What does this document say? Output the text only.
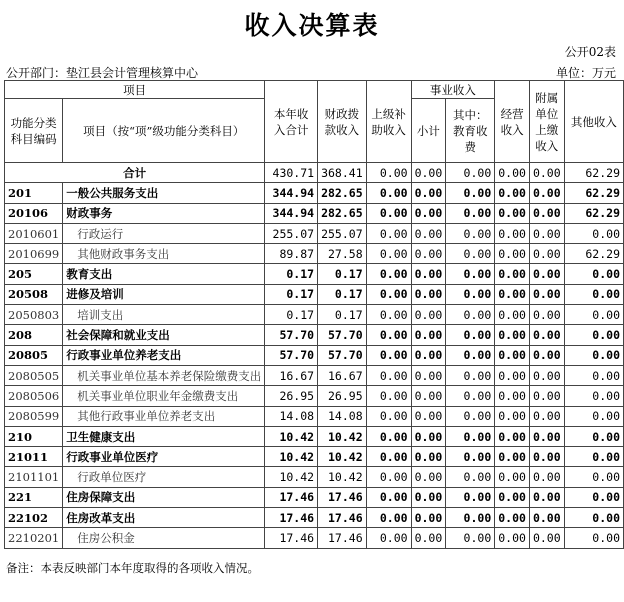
收入决算表
公开02表
公开部门：垫江县会计管理核算中心	单位：万元
项目		本年收入合计	财政拨款收入	上级补助收入	事业收入		经营收入	附属单位上缴收入	其他收入
功能分类科目编码	项目（按“项”级功能分类科目）				小计	其中：教育收费			
合计		430.71	368.41	0.00	0.00	0.00	0.00	0.00	62.29
201	一般公共服务支出	344.94	282.65	0.00	0.00	0.00	0.00	0.00	62.29
20106	财政事务	344.94	282.65	0.00	0.00	0.00	0.00	0.00	62.29
2010601	行政运行	255.07	255.07	0.00	0.00	0.00	0.00	0.00	0.00
2010699	其他财政事务支出	89.87	27.58	0.00	0.00	0.00	0.00	0.00	62.29
205	教育支出	0.17	0.17	0.00	0.00	0.00	0.00	0.00	0.00
20508	进修及培训	0.17	0.17	0.00	0.00	0.00	0.00	0.00	0.00
2050803	培训支出	0.17	0.17	0.00	0.00	0.00	0.00	0.00	0.00
208	社会保障和就业支出	57.70	57.70	0.00	0.00	0.00	0.00	0.00	0.00
20805	行政事业单位养老支出	57.70	57.70	0.00	0.00	0.00	0.00	0.00	0.00
2080505	机关事业单位基本养老保险缴费支出	16.67	16.67	0.00	0.00	0.00	0.00	0.00	0.00
2080506	机关事业单位职业年金缴费支出	26.95	26.95	0.00	0.00	0.00	0.00	0.00	0.00
2080599	其他行政事业单位养老支出	14.08	14.08	0.00	0.00	0.00	0.00	0.00	0.00
210	卫生健康支出	10.42	10.42	0.00	0.00	0.00	0.00	0.00	0.00
21011	行政事业单位医疗	10.42	10.42	0.00	0.00	0.00	0.00	0.00	0.00
2101101	行政单位医疗	10.42	10.42	0.00	0.00	0.00	0.00	0.00	0.00
221	住房保障支出	17.46	17.46	0.00	0.00	0.00	0.00	0.00	0.00
22102	住房改革支出	17.46	17.46	0.00	0.00	0.00	0.00	0.00	0.00
2210201	住房公积金	17.46	17.46	0.00	0.00	0.00	0.00	0.00	0.00
备注：本表反映部门本年度取得的各项收入情况。
